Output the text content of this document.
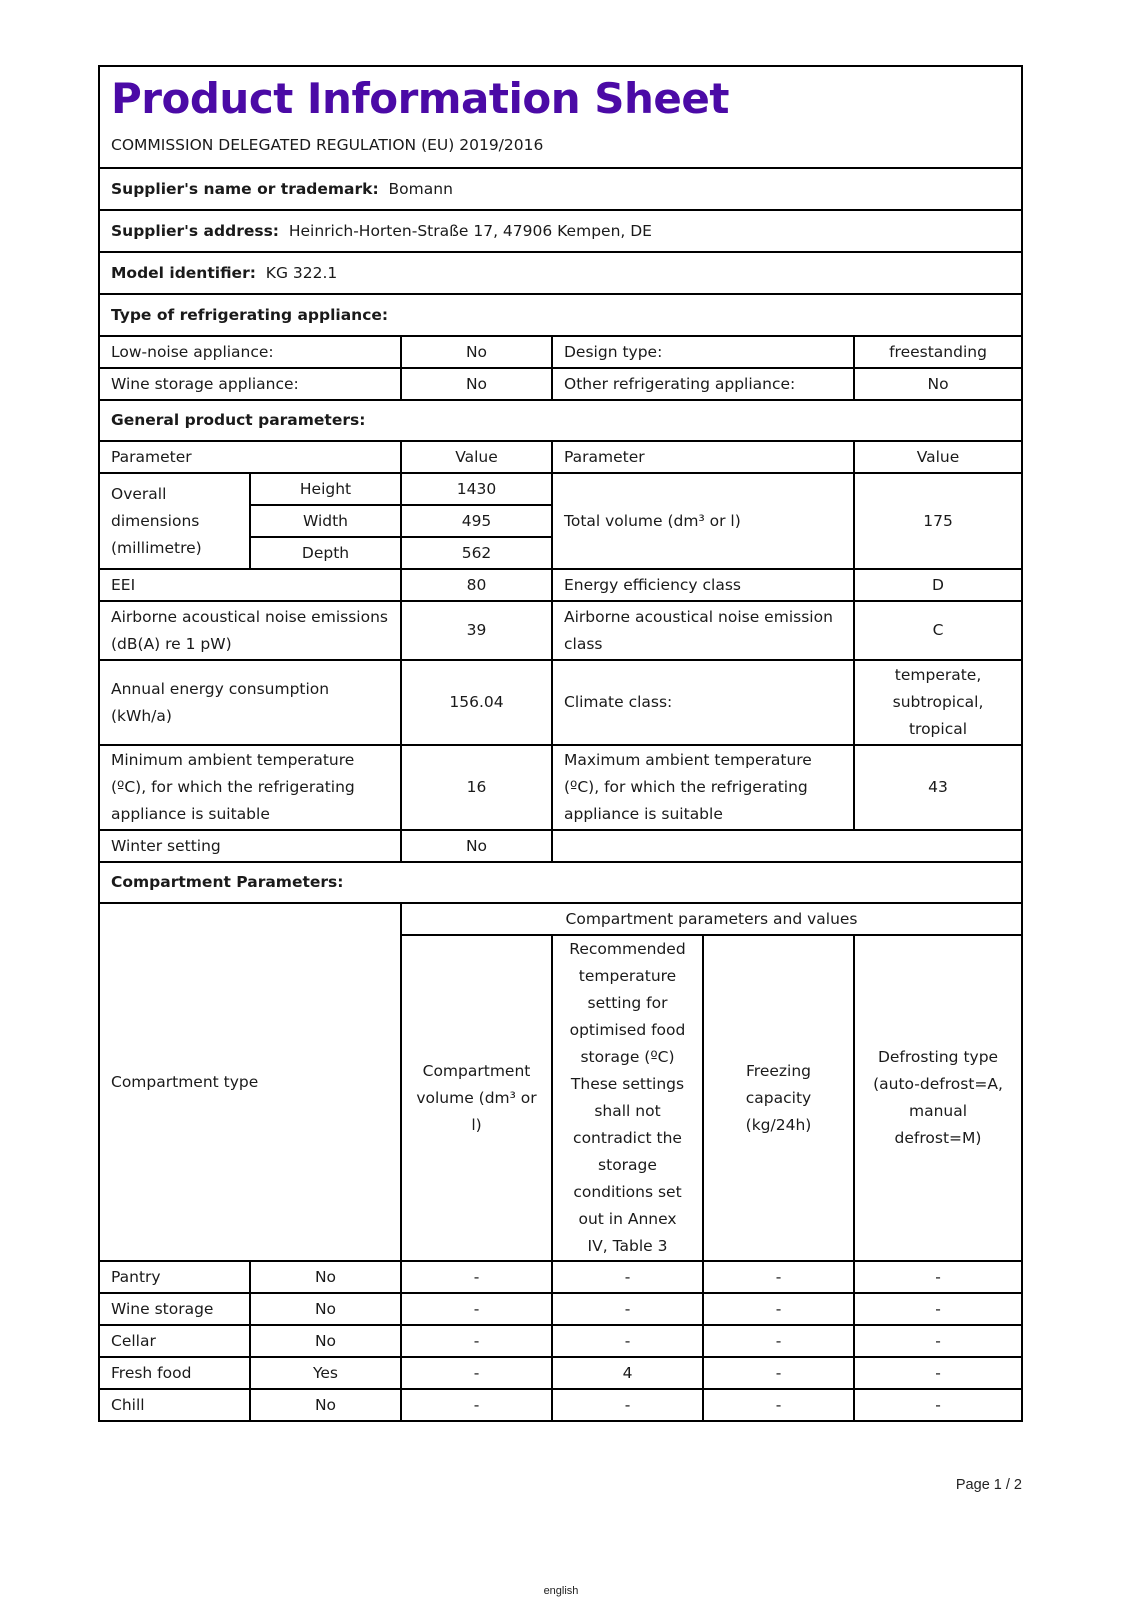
Product Information Sheet
COMMISSION DELEGATED REGULATION (EU) 2019/2016					

Supplier's name or trademark: Bomann					
Supplier's address: Heinrich-Horten-Straße 17, 47906 Kempen, DE					
Model identifier: KG 322.1					
Type of refrigerating appliance:					
Low-noise appliance:		No	Design type:		freestanding
Wine storage appliance:		No	Other refrigerating appliance:		No
General product parameters:					
Parameter		Value	Parameter		Value
Overall dimensions (millimetre)	Height	1430	Total volume (dm³ or l)		175
	Width	495			
	Depth	562			
EEI		80	Energy efficiency class		D
Airborne acoustical noise emissions (dB(A) re 1 pW)		39	Airborne acoustical noise emission class		C
Annual energy consumption (kWh/a)		156.04	Climate class:		temperate, subtropical, tropical
Minimum ambient temperature (ºC), for which the refrigerating appliance is suitable		16	Maximum ambient temperature (ºC), for which the refrigerating appliance is suitable		43
Winter setting		No			
Compartment Parameters:					
Compartment type		Compartment parameters and values			
		Compartment volume (dm³ or l)	Recommended temperature setting for optimised food storage (ºC) These settings shall not contradict the storage conditions set out in Annex IV, Table 3	Freezing capacity (kg/24h)	Defrosting type (auto-defrost=A, manual defrost=M)
Pantry	No	-	-	-	-
Wine storage	No	-	-	-	-
Cellar	No	-	-	-	-
Fresh food	Yes	-	4	-	-
Chill	No	-	-	-	-
Page 1 / 2
english
